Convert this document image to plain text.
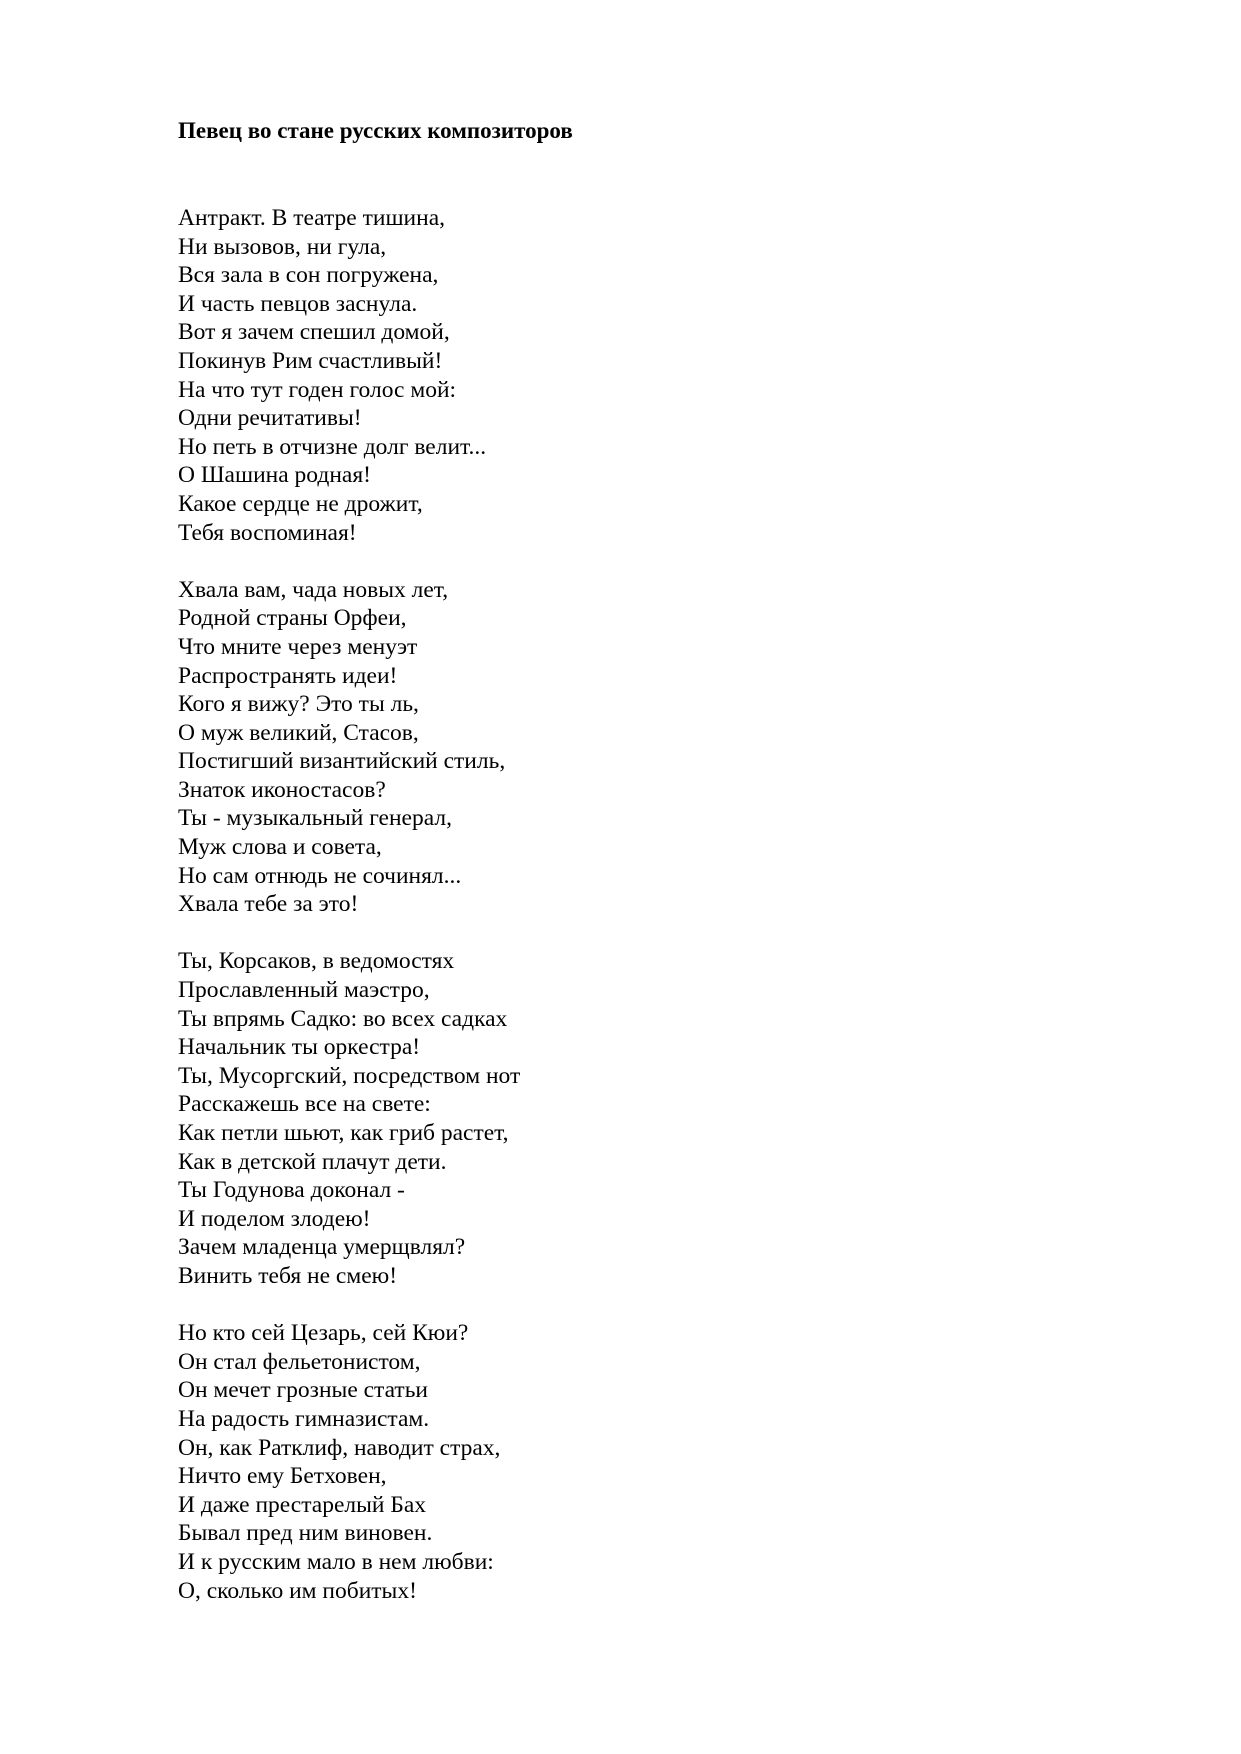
Певец во стане русских композиторов
Антракт. В театре тишина,
Ни вызовов, ни гула,
Вся зала в сон погружена,
И часть певцов заснула.
Вот я зачем спешил домой,
Покинув Рим счастливый!
На что тут годен голос мой:
Одни речитативы!
Но петь в отчизне долг велит...
О Шашина родная!
Какое сердце не дрожит,
Тебя воспоминая!
Хвала вам, чада новых лет,
Родной страны Орфеи,
Что мните через менуэт
Распространять идеи!
Кого я вижу? Это ты ль,
О муж великий, Стасов,
Постигший византийский стиль,
Знаток иконостасов?
Ты - музыкальный генерал,
Муж слова и совета,
Но сам отнюдь не сочинял...
Хвала тебе за это!
Ты, Корсаков, в ведомостях
Прославленный маэстро,
Ты впрямь Садко: во всех садках
Начальник ты оркестра!
Ты, Мусоргский, посредством нот
Расскажешь все на свете:
Как петли шьют, как гриб растет,
Как в детской плачут дети.
Ты Годунова доконал -
И поделом злодею!
Зачем младенца умерщвлял?
Винить тебя не смею!
Но кто сей Цезарь, сей Кюи?
Он стал фельетонистом,
Он мечет грозные статьи
На радость гимназистам.
Он, как Ратклиф, наводит страх,
Ничто ему Бетховен,
И даже престарелый Бах
Бывал пред ним виновен.
И к русским мало в нем любви:
О, сколько им побитых!
